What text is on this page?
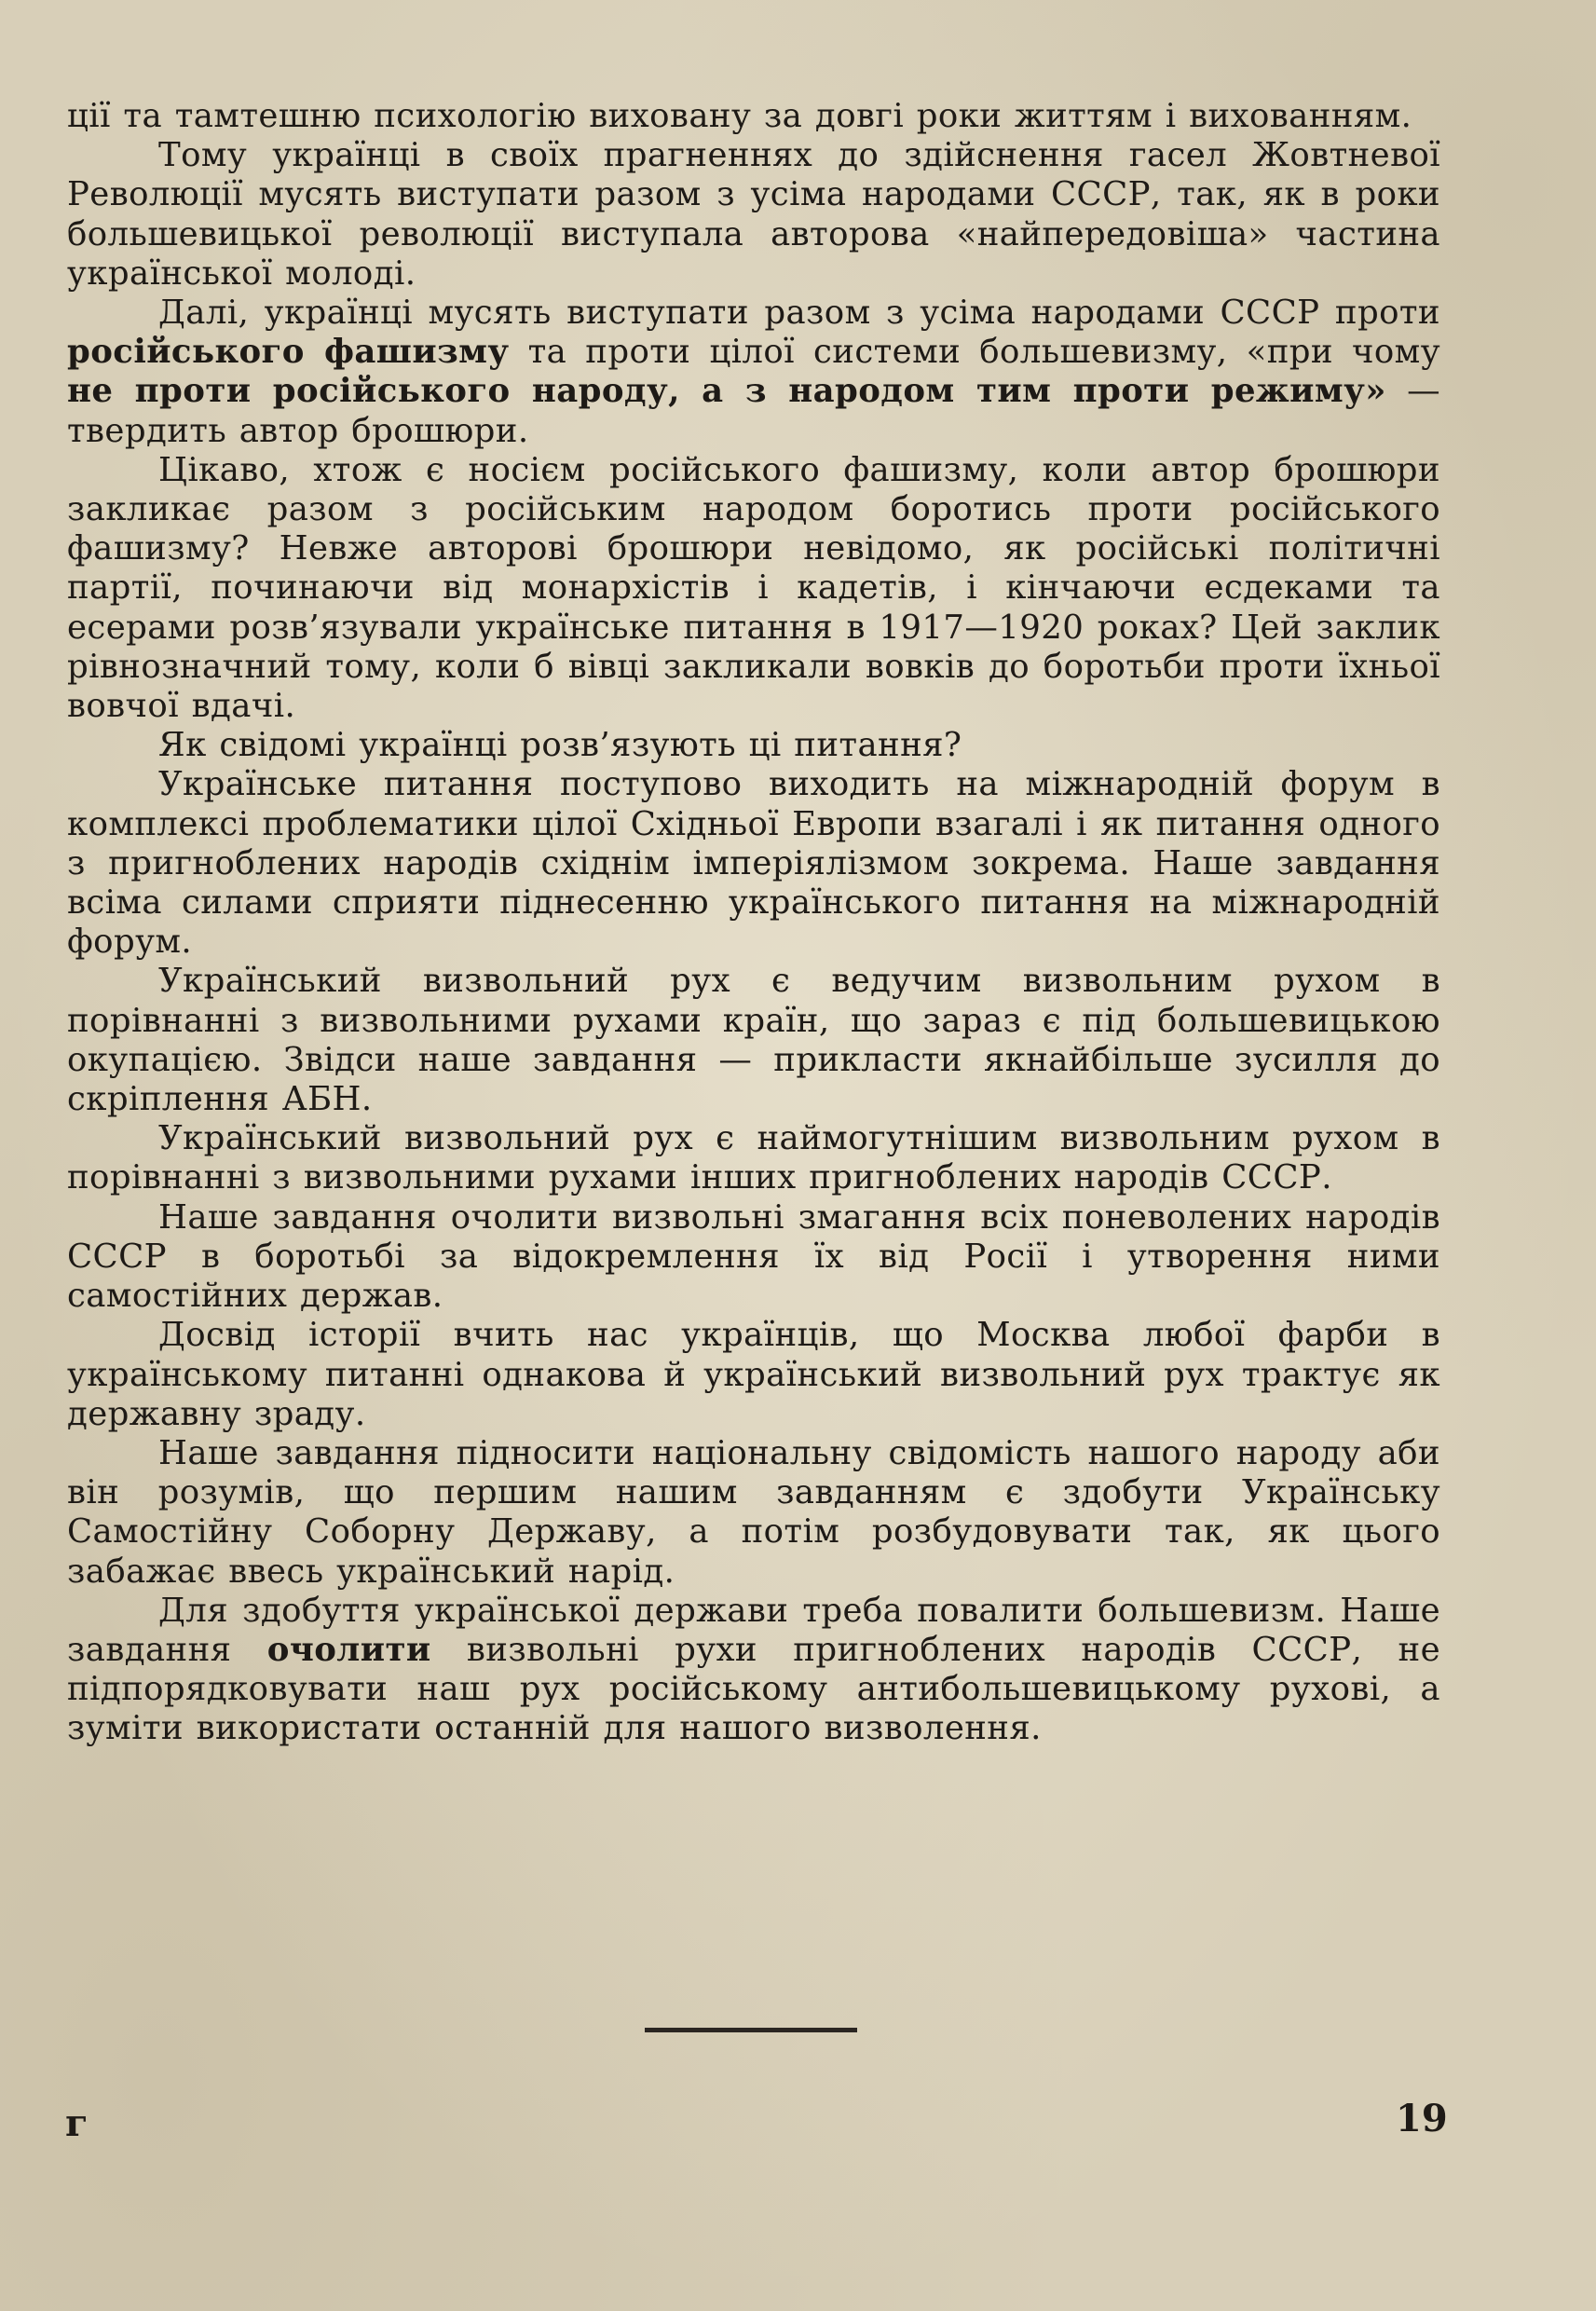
ції та тамтешню психологію виховану за довгі роки життям і вихованням.

Тому українці в своїх прагненнях до здійснення гасел Жовтневої Революції мусять виступати разом з усіма народами СССР, так, як в роки большевицької революції виступала авторова «найпередовіша» частина української молоді.

Далі, українці мусять виступати разом з усіма народами СССР проти російського фашизму та проти цілої системи большевизму, «при чому не проти російського народу, а з народом тим проти режиму» — твердить автор брошюри.

Цікаво, хтож є носієм російського фашизму, коли автор брошюри закликає разом з російським народом боротись проти російського фашизму? Невже авторові брошюри невідомо, як російські політичні партії, починаючи від монархістів і кадетів, і кінчаючи есдеками та есерами розв’язували українське питання в 1917—1920 роках? Цей заклик рівнозначний тому, коли б вівці закликали вовків до боротьби проти їхньої вовчої вдачі.

Як свідомі українці розв’язують ці питання?

Українське питання поступово виходить на міжнародній форум в комплексі проблематики цілої Східньої Европи взагалі і як питання одного з пригноблених народів східнім імперіялізмом зокрема. Наше завдання всіма силами сприяти піднесенню українського питання на міжнародній форум.

Український визвольний рух є ведучим визвольним рухом в порівнанні з визвольними рухами країн, що зараз є під большевицькою окупацією. Звідси наше завдання — прикласти якнайбільше зусилля до скріплення АБН.

Український визвольний рух є наймогутнішим визвольним рухом в порівнанні з визвольними рухами інших пригноблених народів СССР.

Наше завдання очолити визвольні змагання всіх поневолених народів СССР в боротьбі за відокремлення їх від Росії і утворення ними самостійних держав.

Досвід історії вчить нас українців, що Москва любої фарби в українському питанні однакова й український визвольний рух трактує як державну зраду.

Наше завдання підносити національну свідомість нашого народу аби він розумів, що першим нашим завданням є здобути Українську Самостійну Соборну Державу, а потім розбудовувати так, як цього забажає ввесь український нарід.

Для здобуття української держави треба повалити большевизм. Наше завдання очолити визвольні рухи пригноблених народів СССР, не підпорядковувати наш рух російському антибольшевицькому рухові, а зуміти використати останній для нашого визволення.

г	19
